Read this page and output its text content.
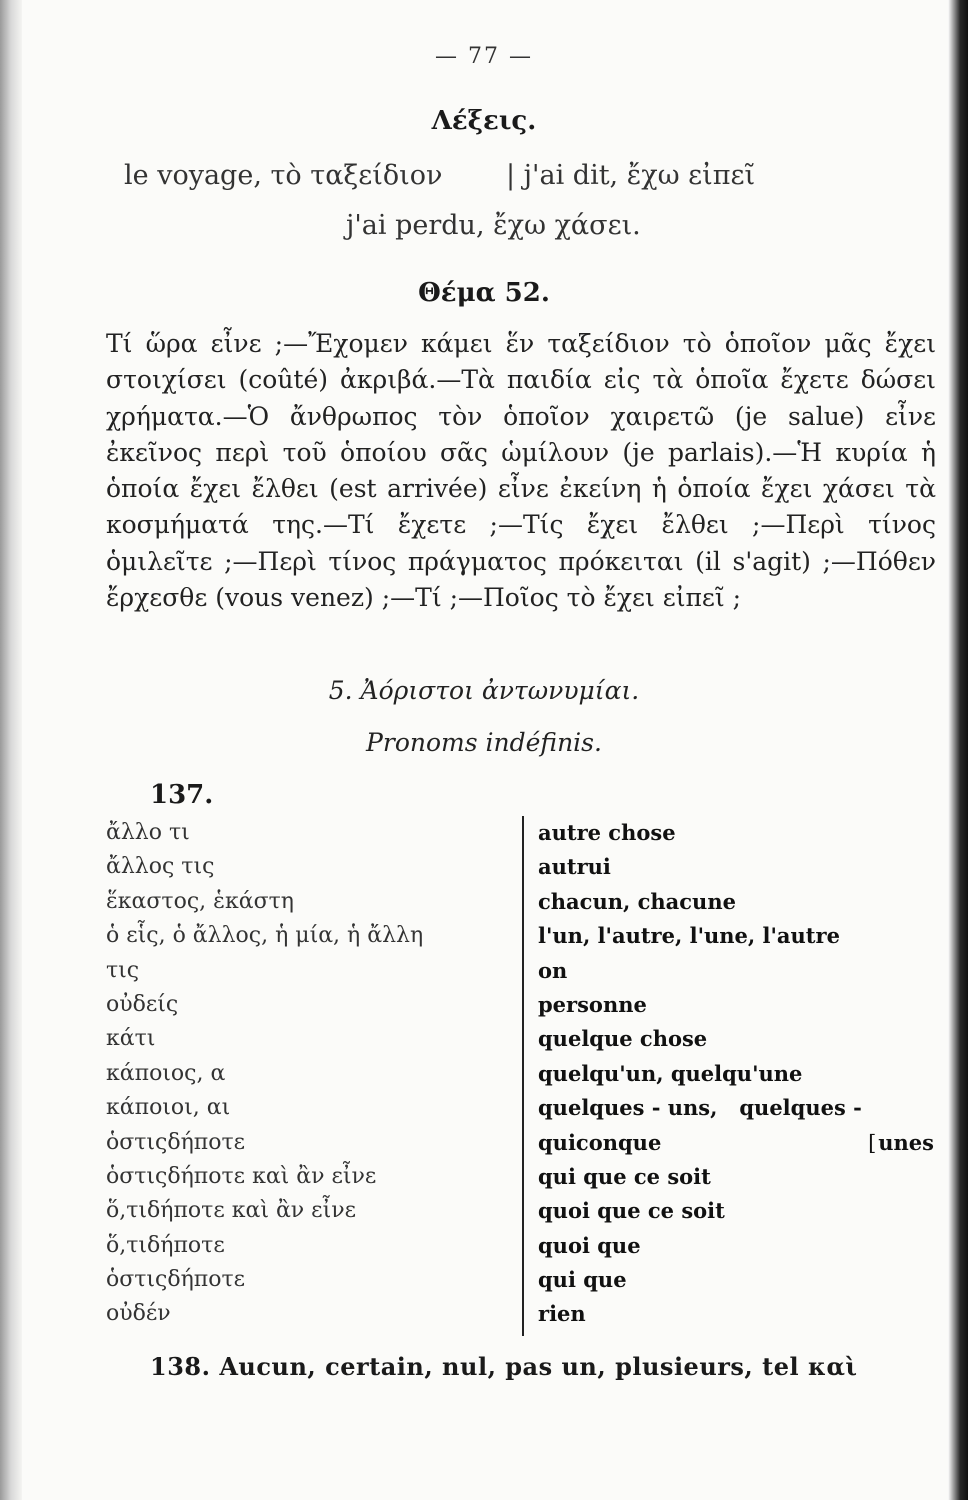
— 77 —
Λέξεις.
le voyage, τὸ ταξείδιον | j'ai dit, ἔχω εἰπεῖ
j'ai perdu, ἔχω χάσει.
Θέμα 52.
Τί ὥρα εἶνε ;—Ἔχομεν κάμει ἕν ταξείδιον τὸ ὁποῖον μᾶς ἔχει στοιχίσει (coûté) ἀκριβά.—Τὰ παιδία εἰς τὰ ὁποῖα ἔχετε δώσει χρήματα.—Ὁ ἄνθρωπος τὸν ὁποῖον χαιρετῶ (je salue) εἶνε ἐκεῖνος περὶ τοῦ ὁποίου σᾶς ὡμίλουν (je parlais).—Ἡ κυρία ἡ ὁποία ἔχει ἔλθει (est arrivée) εἶνε ἐκείνη ἡ ὁποία ἔχει χάσει τὰ κοσμήματά της.—Τί ἔχετε ;—Τίς ἔχει ἔλθει ;—Περὶ τίνος ὁμιλεῖτε ;—Περὶ τίνος πράγματος πρόκειται (il s'agit) ;—Πόθεν ἔρχεσθε (vous venez) ;—Τί ;—Ποῖος τὸ ἔχει εἰπεῖ ;
5. Ἀόριστοι ἀντωνυμίαι.
Pronoms indéfinis.
137.
ἄλλο τι
ἄλλος τις
ἕκαστος, ἑκάστη
ὁ εἷς, ὁ ἄλλος, ἡ μία, ἡ ἄλλη
τις
οὐδείς
κάτι
κάποιος, α
κάποιοι, αι
ὁστιςδήποτε
ὁστιςδήποτε καὶ ἂν εἶνε
ὅ,τιδήποτε καὶ ἂν εἶνε
ὅ,τιδήποτε
ὁστιςδήποτε
οὐδέν
autre chose
autrui
chacun, chacune
l'un, l'autre, l'une, l'autre
on
personne
quelque chose
quelqu'un, quelqu'une
quelques - uns,   quelques -
quiconque	[unes
qui que ce soit
quoi que ce soit
quoi que
qui que
rien
138. Aucun, certain, nul, pas un, plusieurs, tel καὶ
